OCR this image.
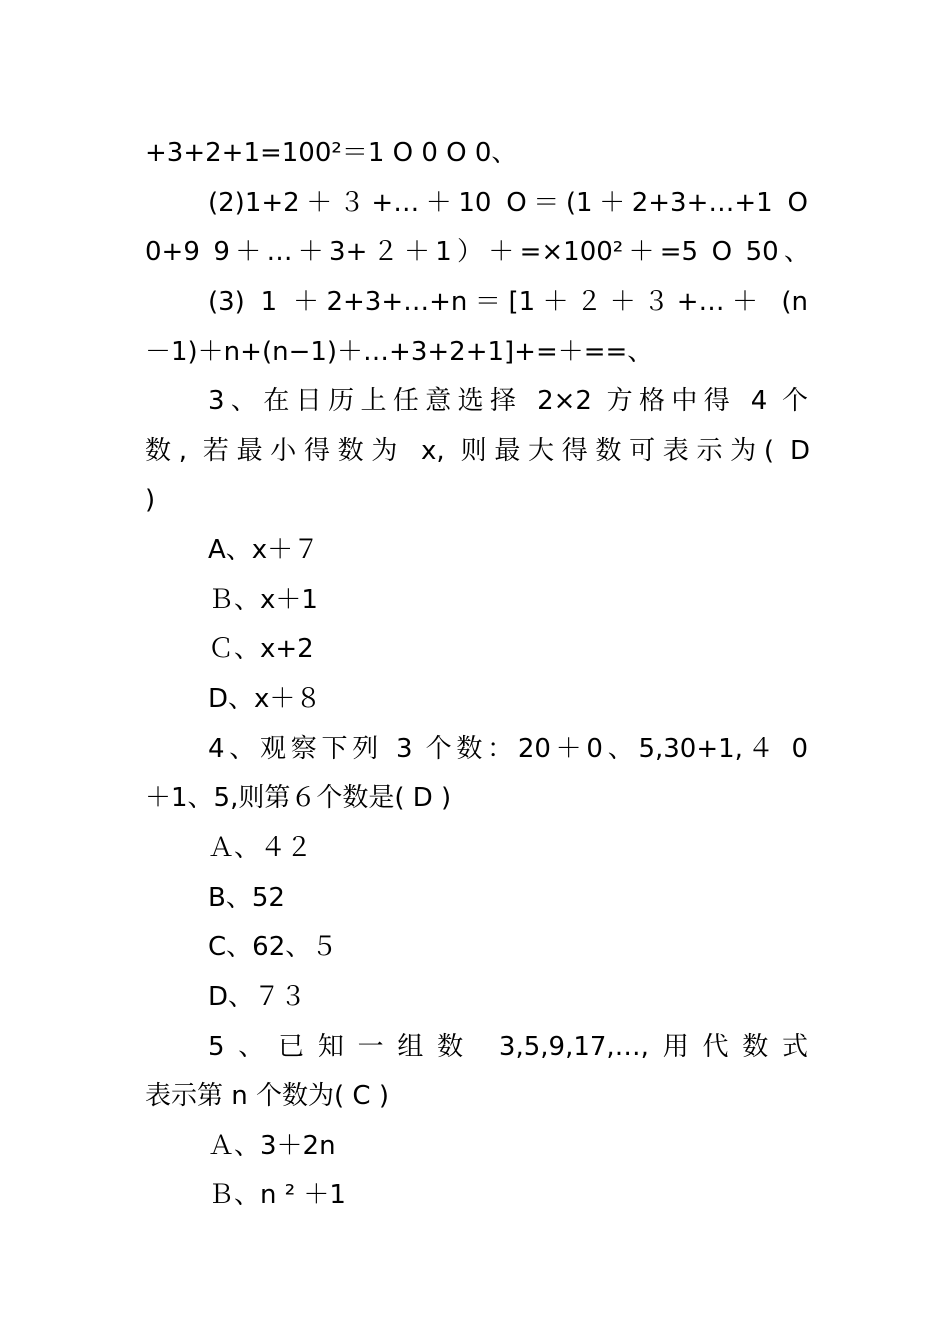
+3+2+1=100²＝1 O 0 O 0、
(2)1+2＋３+…＋10 O＝(1＋2+3+…+1 O
0+9 9＋…＋3+２＋1）＋=×100²＋=5 O 50、
(3) 1 ＋2+3+…+n＝[1＋２＋３+…＋ (n
－1)＋n+(n−1)＋…+3+2+1]+=＋==、
3、在日历上任意选择 2×2 方格中得 4 个
数, 若最小得数为 x, 则最大得数可表示为( D
)
A、x＋７
Ｂ、x＋1
Ｃ、x+2
D、x＋８
4、观察下列 3 个数：20＋0、5,30+1,４ 0
＋1、5,则第６个数是( D )
Ａ、４２
B、52
C、62、５
D、７３
5、已知一组数 3,5,9,17,…,用代数式
表示第 n 个数为( C )
Ａ、3＋2n
Ｂ、n ² ＋1
